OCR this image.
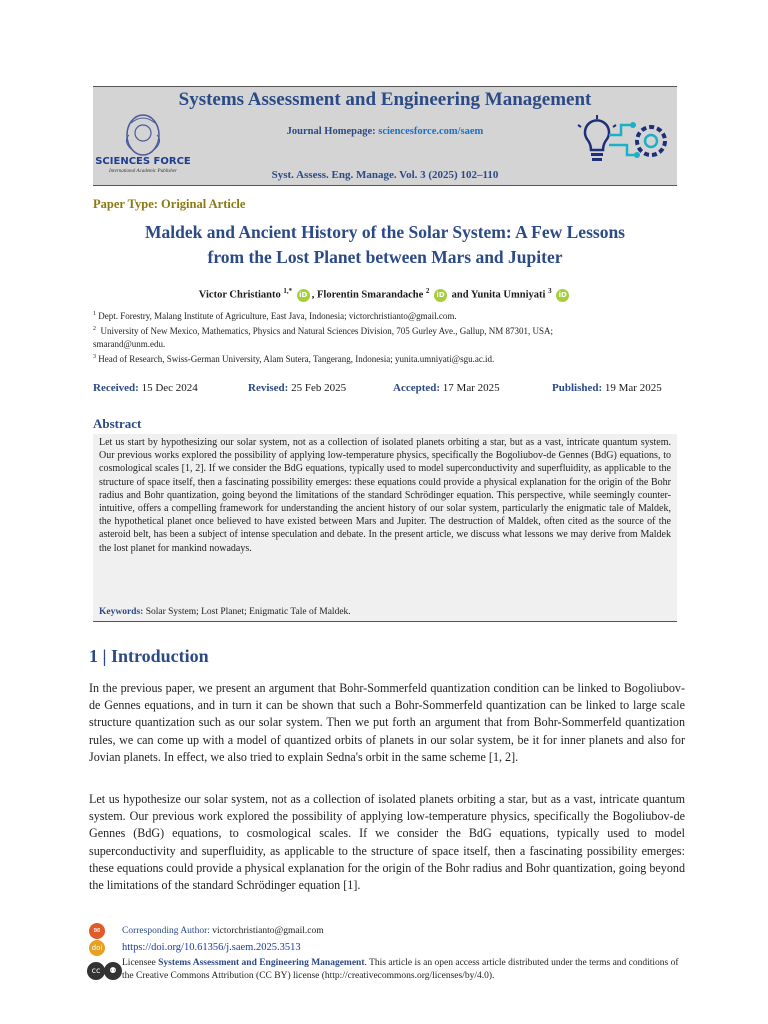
Systems Assessment and Engineering Management
SCIENCES FORCE
International Academic Publisher
Journal Homepage: sciencesforce.com/saem
Syst. Assess. Eng. Manage. Vol. 3 (2025) 102–110
Paper Type: Original Article
Maldek and Ancient History of the Solar System: A Few Lessons
from the Lost Planet between Mars and Jupiter
Victor Christianto $^{1,*}$ iD , Florentin Smarandache $^2$ iD and Yunita Umniyati $^3$ iD
$^1$ Dept. Forestry, Malang Institute of Agriculture, East Java, Indonesia; victorchristianto@gmail.com.
$^2$ University of New Mexico, Mathematics, Physics and Natural Sciences Division, 705 Gurley Ave., Gallup, NM 87301, USA;
smarand@unm.edu.
$^3$ Head of Research, Swiss-German University, Alam Sutera, Tangerang, Indonesia; yunita.umniyati@sgu.ac.id.
Received: 15 Dec 2024	Revised: 25 Feb 2025	Accepted: 17 Mar 2025	Published: 19 Mar 2025
Abstract
Let us start by hypothesizing our solar system, not as a collection of isolated planets orbiting a star, but as a vast, intricate quantum system. Our previous works explored the possibility of applying low-temperature physics, specifically the Bogoliubov-de Gennes (BdG) equations, to cosmological scales [1, 2]. If we consider the BdG equations, typically used to model superconductivity and superfluidity, as applicable to the structure of space itself, then a fascinating possibility emerges: these equations could provide a physical explanation for the origin of the Bohr radius and Bohr quantization, going beyond the limitations of the standard Schrödinger equation. This perspective, while seemingly counter-intuitive, offers a compelling framework for understanding the ancient history of our solar system, particularly the enigmatic tale of Maldek, the hypothetical planet once believed to have existed between Mars and Jupiter. The destruction of Maldek, often cited as the source of the asteroid belt, has been a subject of intense speculation and debate. In the present article, we discuss what lessons we may derive from Maldek the lost planet for mankind nowadays.
Keywords: Solar System; Lost Planet; Enigmatic Tale of Maldek.
1 | Introduction
In the previous paper, we present an argument that Bohr-Sommerfeld quantization condition can be linked to Bogoliubov-de Gennes equations, and in turn it can be shown that such a Bohr-Sommerfeld quantization can be linked to large scale structure quantization such as our solar system. Then we put forth an argument that from Bohr-Sommerfeld quantization rules, we can come up with a model of quantized orbits of planets in our solar system, be it for inner planets and also for Jovian planets. In effect, we also tried to explain Sedna's orbit in the same scheme [1, 2].
Let us hypothesize our solar system, not as a collection of isolated planets orbiting a star, but as a vast, intricate quantum system. Our previous work explored the possibility of applying low-temperature physics, specifically the Bogoliubov-de Gennes (BdG) equations, to cosmological scales. If we consider the BdG equations, typically used to model superconductivity and superfluidity, as applicable to the structure of space itself, then a fascinating possibility emerges: these equations could provide a physical explanation for the origin of the Bohr radius and Bohr quantization, going beyond the limitations of the standard Schrödinger equation [1].
✉	Corresponding Author: victorchristianto@gmail.com
doi https://doi.org/10.61356/j.saem.2025.3513
cc	⚉
Licensee Systems Assessment and Engineering Management. This article is an open access article distributed under the terms and conditions of the Creative Commons Attribution (CC BY) license (http://creativecommons.org/licenses/by/4.0).
